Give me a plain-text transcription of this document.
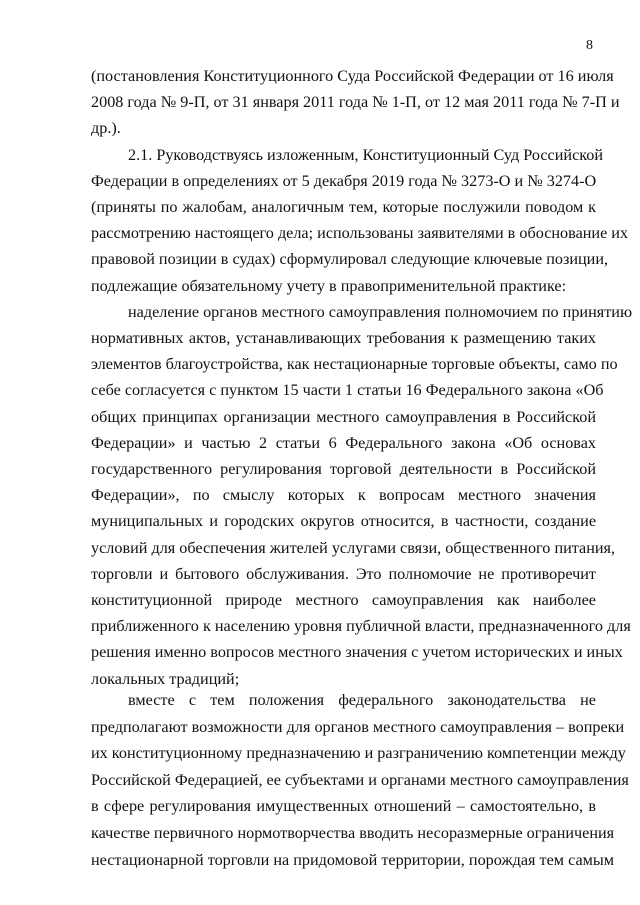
8
(постановления Конституционного Суда Российской Федерации от 16 июля
2008 года № 9-П, от 31 января 2011 года № 1-П, от 12 мая 2011 года № 7-П и
др.).
2.1. Руководствуясь изложенным, Конституционный Суд Российской
Федерации в определениях от 5 декабря 2019 года № 3273-О и № 3274-О
(приняты по жалобам, аналогичным тем, которые послужили поводом к
рассмотрению настоящего дела; использованы заявителями в обоснование их
правовой позиции в судах) сформулировал следующие ключевые позиции,
подлежащие обязательному учету в правоприменительной практике:
наделение органов местного самоуправления полномочием по принятию
нормативных актов, устанавливающих требования к размещению таких
элементов благоустройства, как нестационарные торговые объекты, само по
себе согласуется с пунктом 15 части 1 статьи 16 Федерального закона «Об
общих принципах организации местного самоуправления в Российской
Федерации» и частью 2 статьи 6 Федерального закона «Об основах
государственного регулирования торговой деятельности в Российской
Федерации», по смыслу которых к вопросам местного значения
муниципальных и городских округов относится, в частности, создание
условий для обеспечения жителей услугами связи, общественного питания,
торговли и бытового обслуживания. Это полномочие не противоречит
конституционной природе местного самоуправления как наиболее
приближенного к населению уровня публичной власти, предназначенного для
решения именно вопросов местного значения с учетом исторических и иных
локальных традиций;
вместе с тем положения федерального законодательства не
предполагают возможности для органов местного самоуправления – вопреки
их конституционному предназначению и разграничению компетенции между
Российской Федерацией, ее субъектами и органами местного самоуправления
в сфере регулирования имущественных отношений – самостоятельно, в
качестве первичного нормотворчества вводить несоразмерные ограничения
нестационарной торговли на придомовой территории, порождая тем самым
